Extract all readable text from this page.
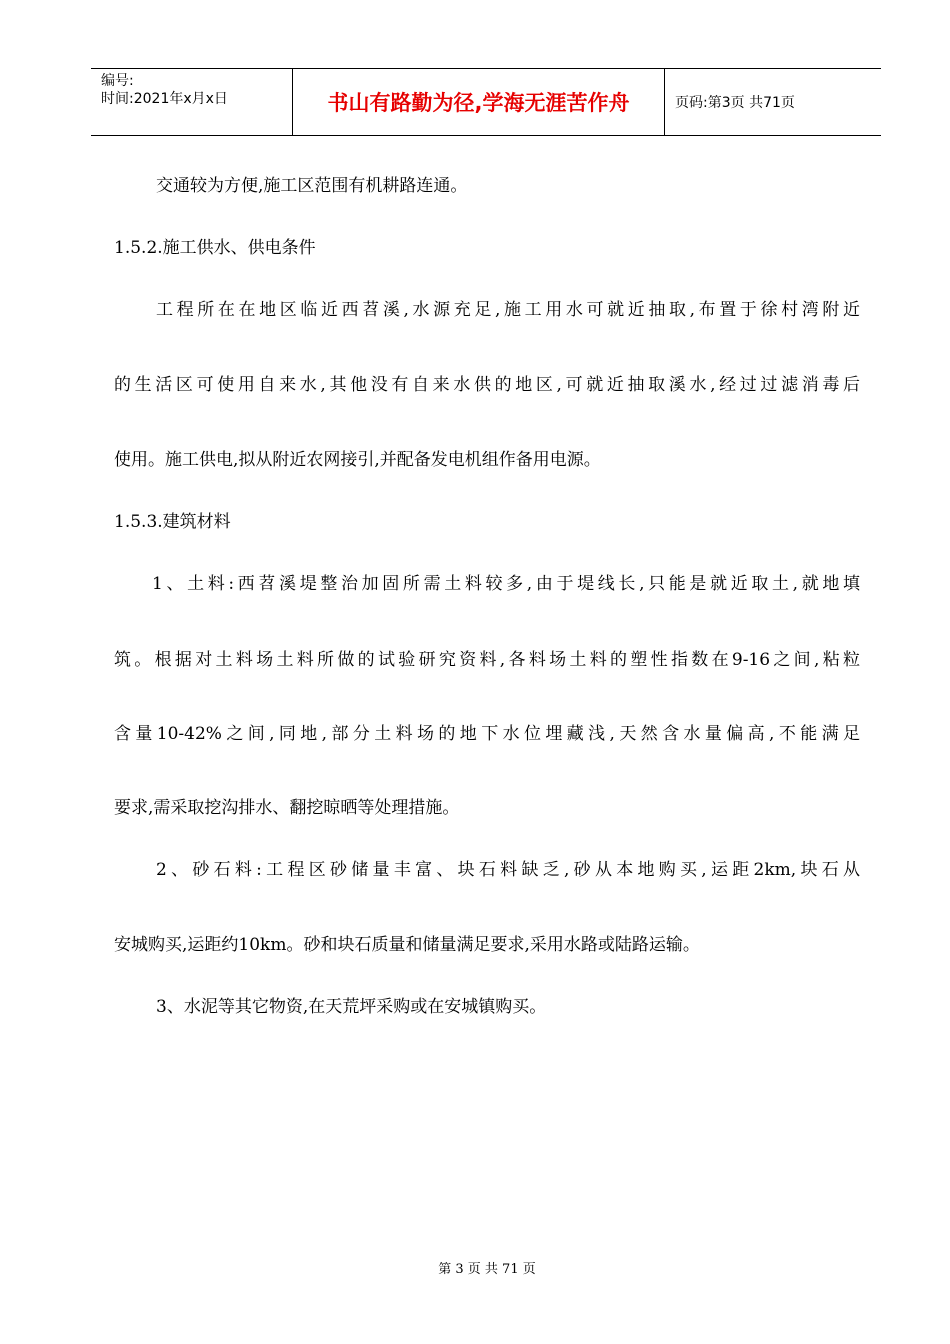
编号:
时间:2021年x月x日	书山有路勤为径,学海无涯苦作舟	页码:第3页 共71页
交通较为方便,施工区范围有机耕路连通。
1.5.2.施工供水、供电条件
工程所在在地区临近西苕溪,水源充足,施工用水可就近抽取,布置于徐村湾附近
的生活区可使用自来水,其他没有自来水供的地区,可就近抽取溪水,经过过滤消毒后
使用。施工供电,拟从附近农网接引,并配备发电机组作备用电源。
1.5.3.建筑材料
1、土料:西苕溪堤整治加固所需土料较多,由于堤线长,只能是就近取土,就地填
筑。根据对土料场土料所做的试验研究资料,各料场土料的塑性指数在9-16之间,粘粒
含量10-42%之间,同地,部分土料场的地下水位埋藏浅,天然含水量偏高,不能满足
要求,需采取挖沟排水、翻挖晾晒等处理措施。
2、砂石料:工程区砂储量丰富、块石料缺乏,砂从本地购买,运距2km,块石从
安城购买,运距约10km。砂和块石质量和储量满足要求,采用水路或陆路运输。
3、水泥等其它物资,在天荒坪采购或在安城镇购买。
第 3 页 共 71 页
